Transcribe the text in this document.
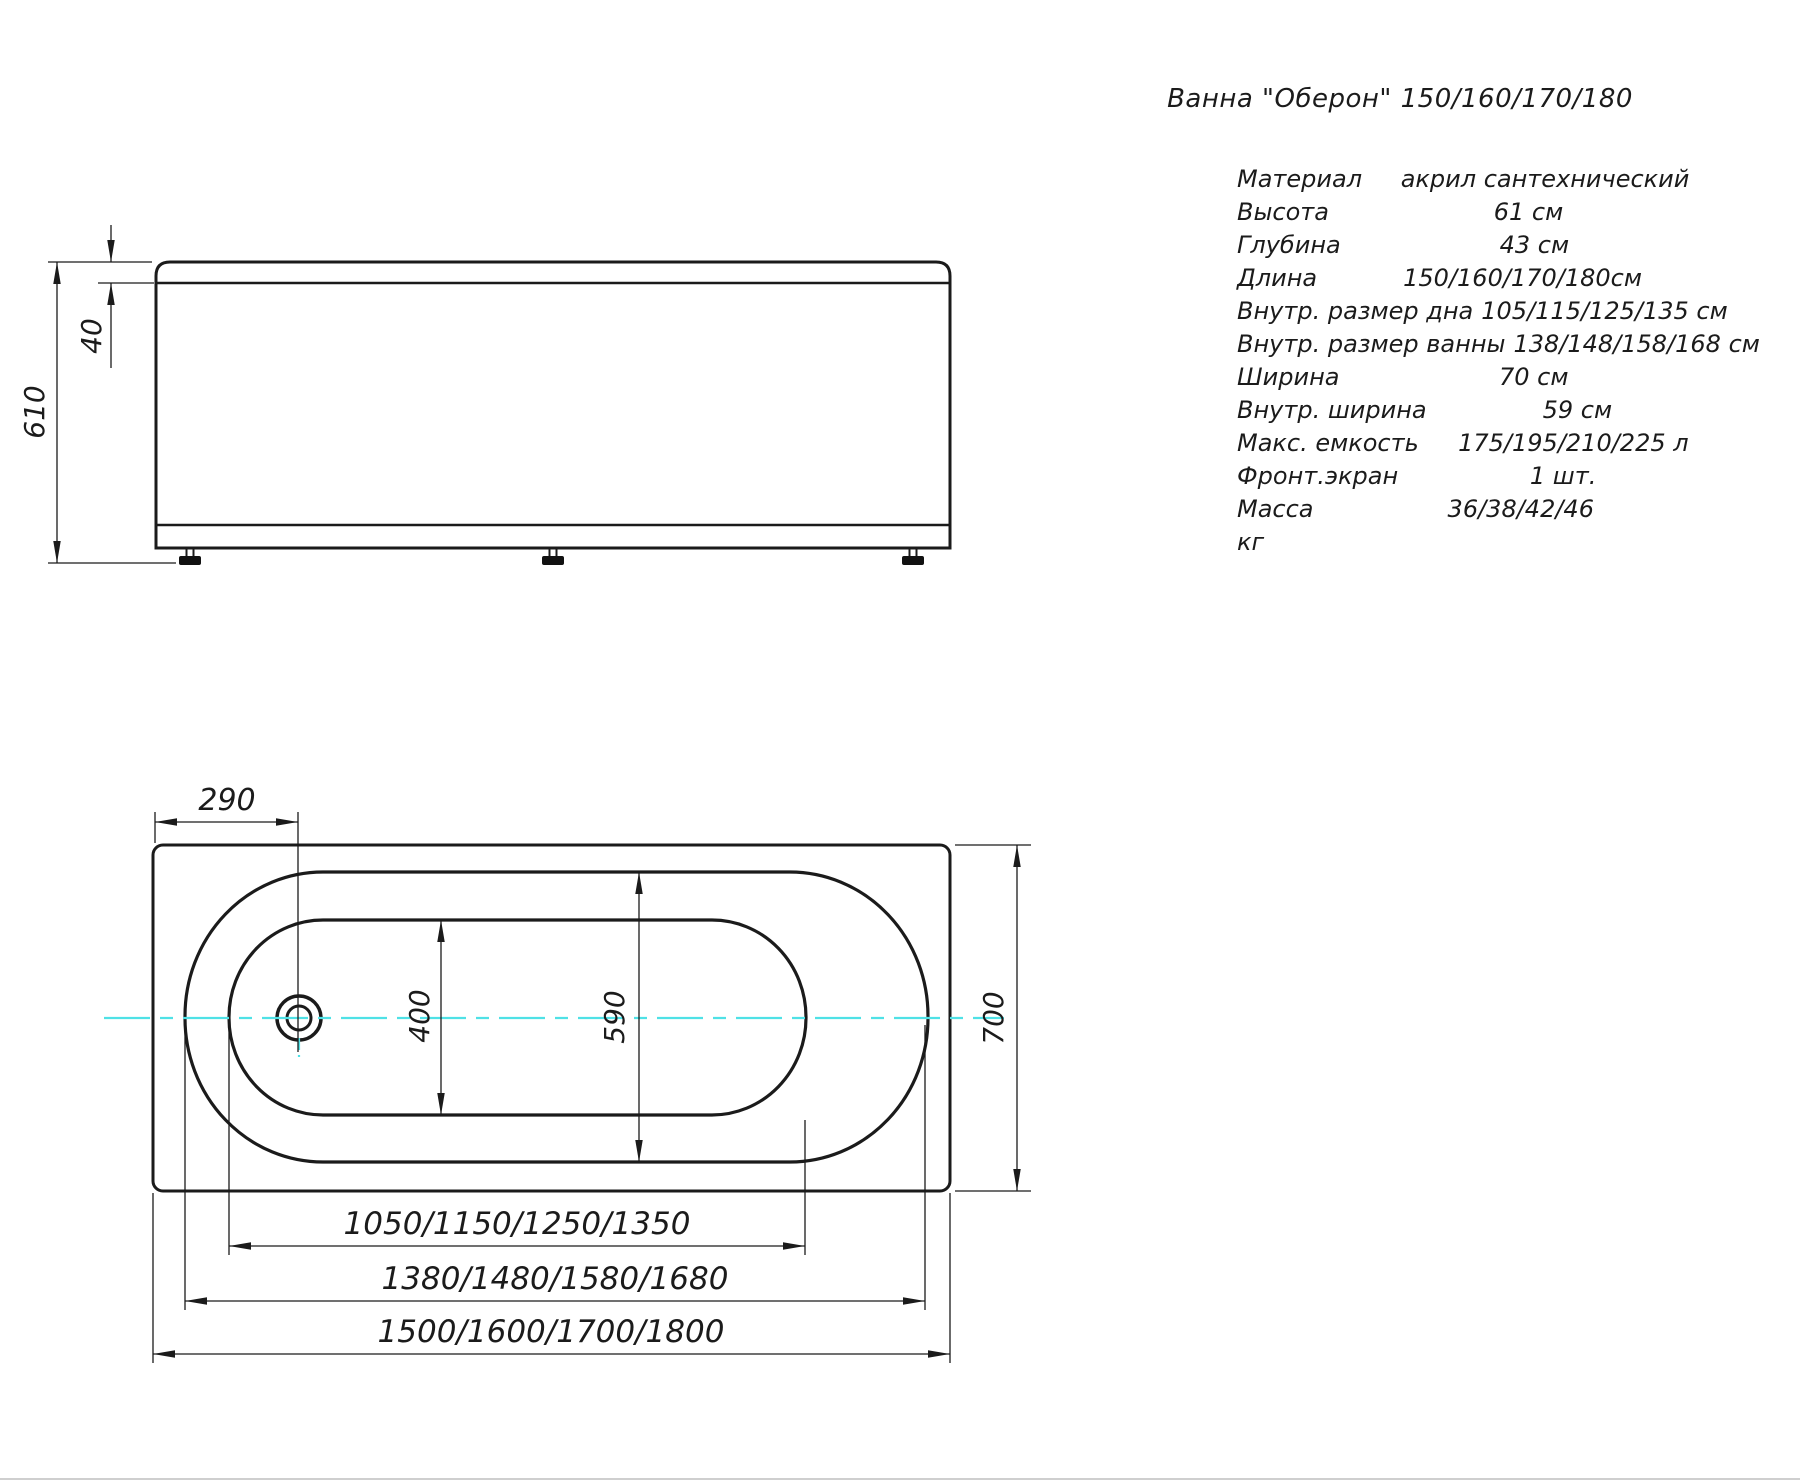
610
40
290
700
400	590
1050/1150/1250/1350
1380/1480/1580/1680
1500/1600/1700/1800
Ванна "Оберон" 150/160/170/180
Материал	акрил сантехнический
Высота	61 см
Глубина	43 см
Длина	150/160/170/180см
Внутр. размер дна 105/115/125/135 см
Внутр. размер ванны 138/148/158/168 см
Ширина	70 см
Внутр. ширина	59 см
Макс. емкость	175/195/210/225 л
Фронт.экран	1 шт.
Масса	36/38/42/46
кг
